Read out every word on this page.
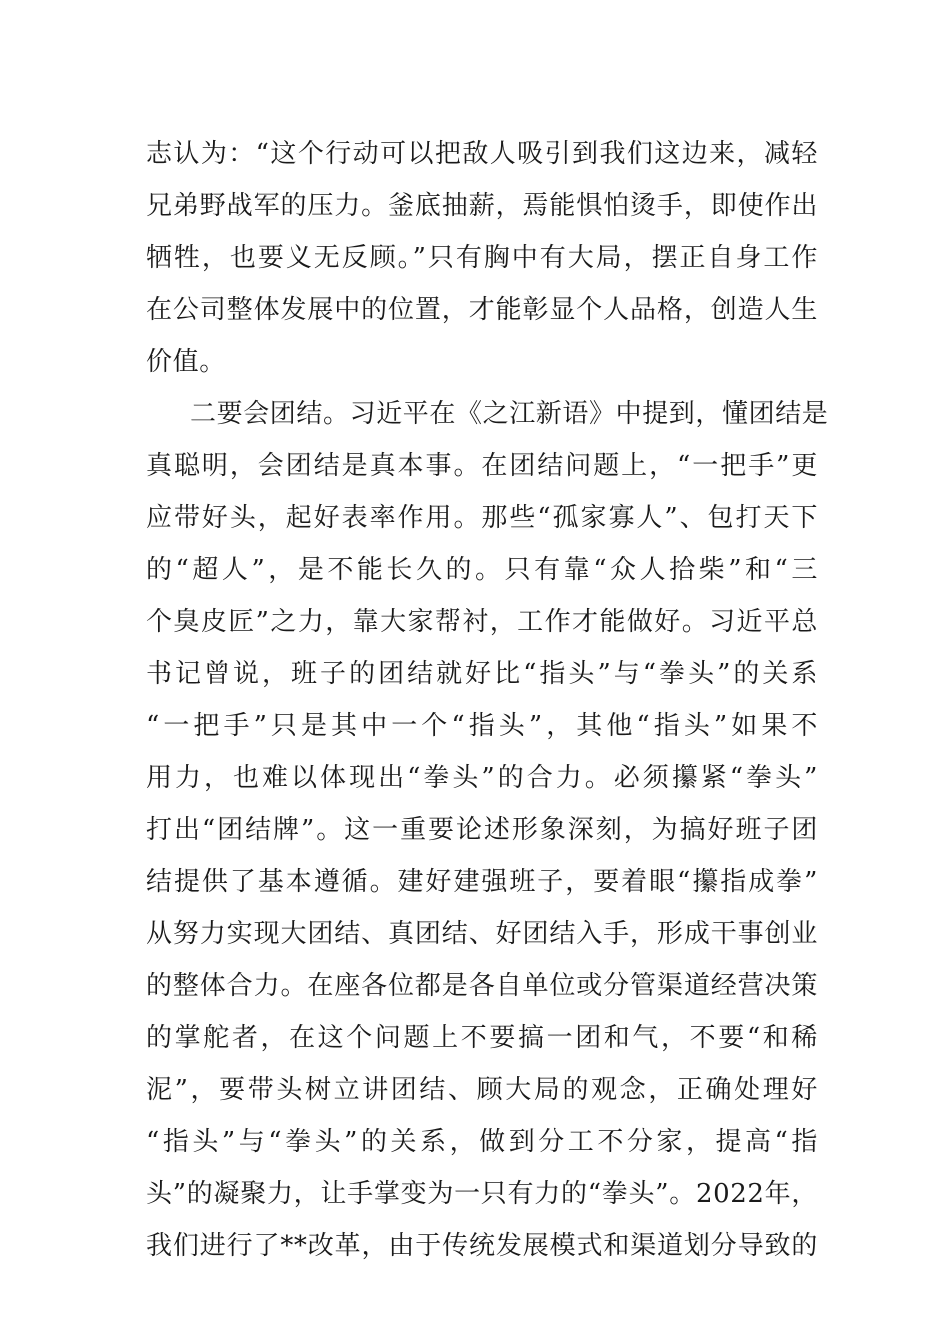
志认为：“这个行动可以把敌人吸引到我们这边来，减轻
兄弟野战军的压力。釜底抽薪，焉能惧怕烫手，即使作出
牺牲，也要义无反顾。”只有胸中有大局，摆正自身工作
在公司整体发展中的位置，才能彰显个人品格，创造人生
价值。
二要会团结。习近平在《之江新语》中提到，懂团结是
真聪明，会团结是真本事。在团结问题上，“一把手”更
应带好头，起好表率作用。那些“孤家寡人”、包打天下
的“超人”，是不能长久的。只有靠“众人拾柴”和“三
个臭皮匠”之力，靠大家帮衬，工作才能做好。习近平总
书记曾说，班子的团结就好比“指头”与“拳头”的关系
“一把手”只是其中一个“指头”，其他“指头”如果不
用力，也难以体现出“拳头”的合力。必须攥紧“拳头”
打出“团结牌”。这一重要论述形象深刻，为搞好班子团
结提供了基本遵循。建好建强班子，要着眼“攥指成拳”
从努力实现大团结、真团结、好团结入手，形成干事创业
的整体合力。在座各位都是各自单位或分管渠道经营决策
的掌舵者，在这个问题上不要搞一团和气，不要“和稀
泥”，要带头树立讲团结、顾大局的观念，正确处理好
“指头”与“拳头”的关系，做到分工不分家，提高“指
头”的凝聚力，让手掌变为一只有力的“拳头”。2022年，
我们进行了**改革，由于传统发展模式和渠道划分导致的
